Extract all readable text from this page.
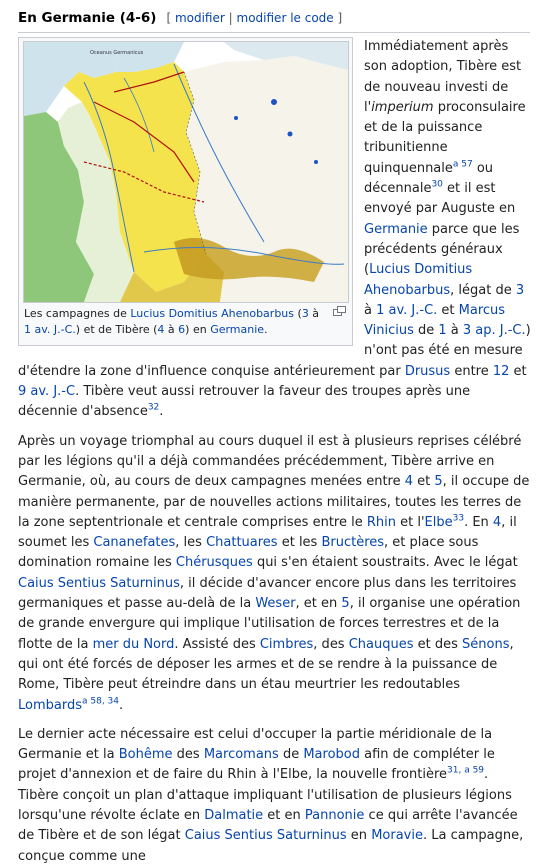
En Germanie (4-6) [ modifier | modifier le code ]
Oceanus Germanicus
Les campagnes de Lucius Domitius Ahenobarbus (3 à 1 av. J.-C.) et de Tibère (4 à 6) en Germanie.
Immédiatement après son adoption, Tibère est de nouveau investi de l'imperium proconsulaire et de la puissance tribunitienne quinquennale$^{a 57}$ ou décennale$^{30}$ et il est envoyé par Auguste en Germanie parce que les précédents généraux (Lucius Domitius Ahenobarbus, légat de 3 à 1 av. J.-C. et Marcus Vinicius de 1 à 3 ap. J.-C.) n'ont pas été en mesure d'étendre la zone d'influence conquise antérieurement par Drusus entre 12 et 9 av. J.-C. Tibère veut aussi retrouver la faveur des troupes après une décennie d'absence$^{32}$.
Après un voyage triomphal au cours duquel il est à plusieurs reprises célébré par les légions qu'il a déjà commandées précédemment, Tibère arrive en Germanie, où, au cours de deux campagnes menées entre 4 et 5, il occupe de manière permanente, par de nouvelles actions militaires, toutes les terres de la zone septentrionale et centrale comprises entre le Rhin et l'Elbe$^{33}$. En 4, il soumet les Cananefates, les Chattuares et les Bructères, et place sous domination romaine les Chérusques qui s'en étaient soustraits. Avec le légat Caius Sentius Saturninus, il décide d'avancer encore plus dans les territoires germaniques et passe au-delà de la Weser, et en 5, il organise une opération de grande envergure qui implique l'utilisation de forces terrestres et de la flotte de la mer du Nord. Assisté des Cimbres, des Chauques et des Sénons, qui ont été forcés de déposer les armes et de se rendre à la puissance de Rome, Tibère peut étreindre dans un étau meurtrier les redoutables Lombards$^{a 58, 34}$.
Le dernier acte nécessaire est celui d'occuper la partie méridionale de la Germanie et la Bohême des Marcomans de Marobod afin de compléter le projet d'annexion et de faire du Rhin à l'Elbe, la nouvelle frontière$^{31, a 59}$. Tibère conçoit un plan d'attaque impliquant l'utilisation de plusieurs légions lorsqu'une révolte éclate en Dalmatie et en Pannonie ce qui arrête l'avancée de Tibère et de son légat Caius Sentius Saturninus en Moravie. La campagne, conçue comme une
